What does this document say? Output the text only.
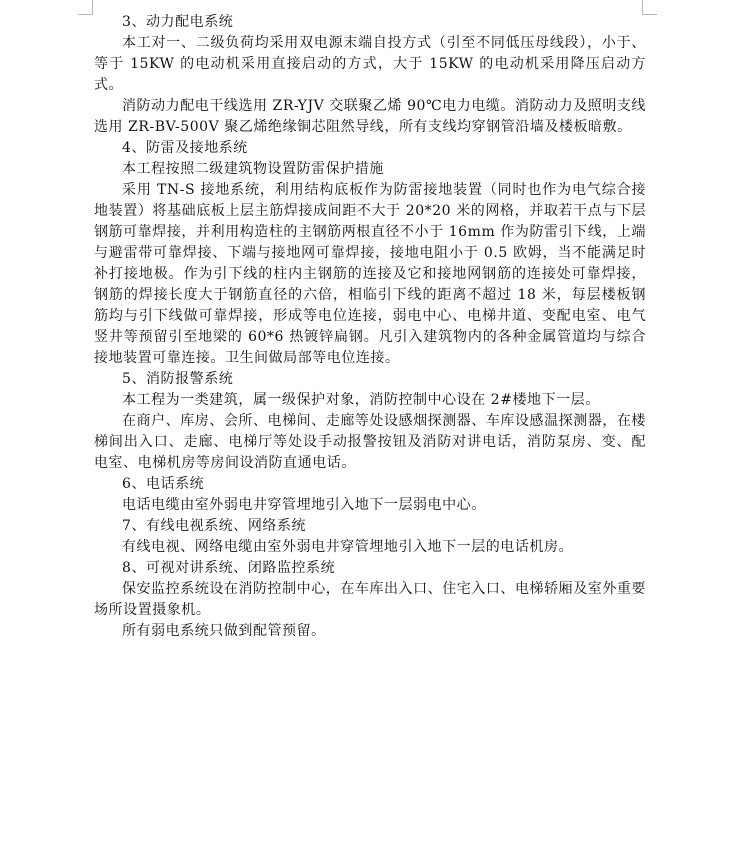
3、动力配电系统

本工对一、二级负荷均采用双电源末端自投方式（引至不同低压母线段），小于、等于 15KW 的电动机采用直接启动的方式，大于 15KW 的电动机采用降压启动方式。

消防动力配电干线选用 ZR-YJV 交联聚乙烯 90℃电力电缆。消防动力及照明支线选用 ZR-BV-500V 聚乙烯绝缘铜芯阻然导线，所有支线均穿钢管沿墙及楼板暗敷。

4、防雷及接地系统

本工程按照二级建筑物设置防雷保护措施

采用 TN-S 接地系统，利用结构底板作为防雷接地装置（同时也作为电气综合接地装置）将基础底板上层主筋焊接成间距不大于 20*20 米的网格，并取若干点与下层钢筋可靠焊接，并利用构造柱的主钢筋两根直径不小于 16mm 作为防雷引下线，上端与避雷带可靠焊接、下端与接地网可靠焊接，接地电阻小于 0.5 欧姆，当不能满足时补打接地极。作为引下线的柱内主钢筋的连接及它和接地网钢筋的连接处可靠焊接，钢筋的焊接长度大于钢筋直径的六倍，相临引下线的距离不超过 18 米，每层楼板钢筋均与引下线做可靠焊接，形成等电位连接，弱电中心、电梯井道、变配电室、电气竖井等预留引至地梁的 60*6 热镀锌扁钢。凡引入建筑物内的各种金属管道均与综合接地装置可靠连接。卫生间做局部等电位连接。

5、消防报警系统

本工程为一类建筑，属一级保护对象，消防控制中心设在 2#楼地下一层。

在商户、库房、会所、电梯间、走廊等处设感烟探测器、车库设感温探测器，在楼梯间出入口、走廊、电梯厅等处设手动报警按钮及消防对讲电话，消防泵房、变、配电室、电梯机房等房间设消防直通电话。

6、电话系统

电话电缆由室外弱电井穿管埋地引入地下一层弱电中心。

7、有线电视系统、网络系统

有线电视、网络电缆由室外弱电井穿管埋地引入地下一层的电话机房。

8、可视对讲系统、闭路监控系统

保安监控系统设在消防控制中心，在车库出入口、住宅入口、电梯轿厢及室外重要场所设置摄象机。

所有弱电系统只做到配管预留。
